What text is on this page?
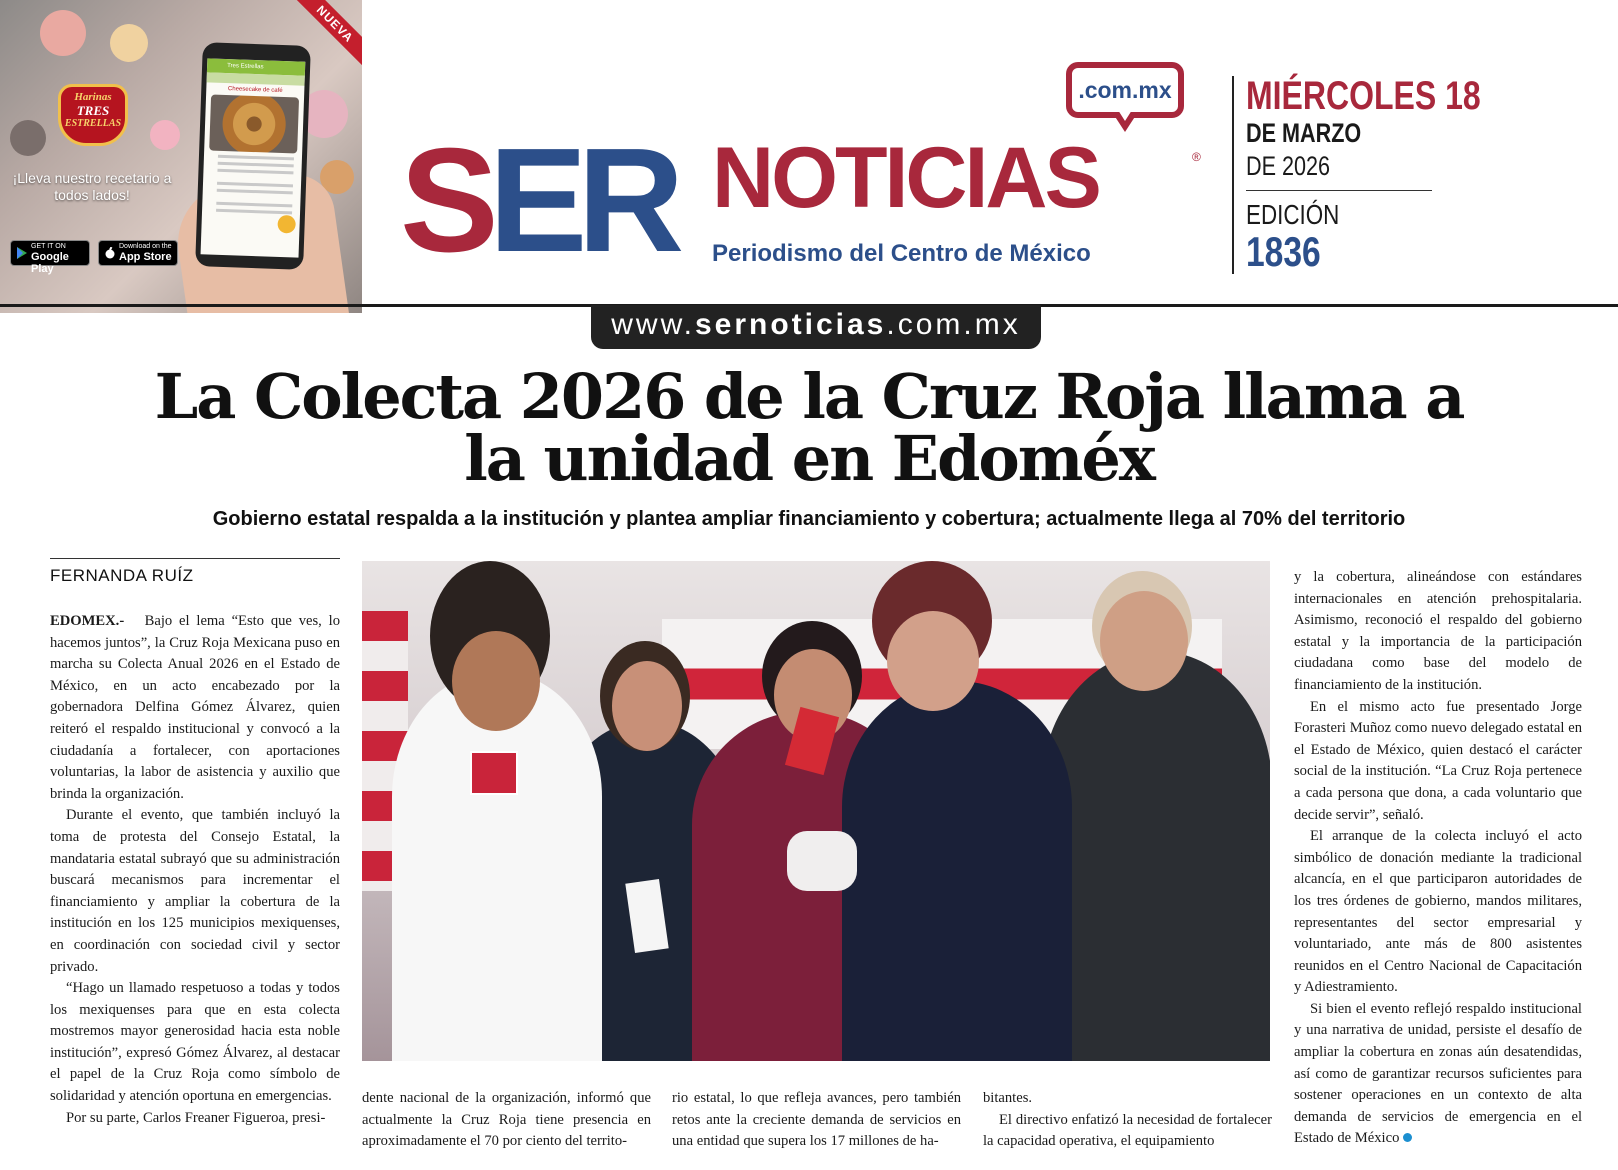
NUEVA
Harinas
TRES
ESTRELLAS
¡Lleva nuestro recetario a todos lados!
GET IT ON
Google Play
Download on the
App Store
Tres Estrellas
Cheesecake de café	.com.mx
SER NOTICIAS	®
Periodismo del Centro de México
MIÉRCOLES 18
DE MARZO
DE 2026
EDICIÓN
1836
www.sernoticias.com.mx
La Colecta 2026 de la Cruz Roja llama a la unidad en Edoméx
Gobierno estatal respalda a la institución y plantea ampliar financiamiento y cobertura; actualmente llega al 70% del territorio
FERNANDA RUÍZ

EDOMEX.- Bajo el lema “Esto que ves, lo hacemos juntos”, la Cruz Roja Mexicana puso en marcha su Colecta Anual 2026 en el Estado de México, en un acto encabezado por la gobernadora Delfina Gómez Álvarez, quien reiteró el respaldo institucional y convocó a la ciudadanía a fortalecer, con aportaciones voluntarias, la labor de asistencia y auxilio que brinda la organización.

Durante el evento, que también incluyó la toma de protesta del Consejo Estatal, la mandataria estatal subrayó que su administración buscará mecanismos para incrementar el financiamiento y ampliar la cobertura de la institución en los 125 municipios mexiquenses, en coordinación con sociedad civil y sector privado.

“Hago un llamado respetuoso a todas y todos los mexiquenses para que en esta colecta mostremos mayor generosidad hacia esta noble institución”, expresó Gómez Álvarez, al destacar el papel de la Cruz Roja como símbolo de solidaridad y atención oportuna en emergencias.

Por su parte, Carlos Freaner Figueroa, presi-

dente nacional de la organización, informó que actualmente la Cruz Roja tiene presencia en aproximadamente el 70 por ciento del territo-

rio estatal, lo que refleja avances, pero también retos ante la creciente demanda de servicios en una entidad que supera los 17 millones de ha-

bitantes.

El directivo enfatizó la necesidad de fortalecer la capacidad operativa, el equipamiento

y la cobertura, alineándose con estándares internacionales en atención prehospitalaria. Asimismo, reconoció el respaldo del gobierno estatal y la importancia de la participación ciudadana como base del modelo de financiamiento de la institución.

En el mismo acto fue presentado Jorge Forasteri Muñoz como nuevo delegado estatal en el Estado de México, quien destacó el carácter social de la institución. “La Cruz Roja pertenece a cada persona que dona, a cada voluntario que decide servir”, señaló.

El arranque de la colecta incluyó el acto simbólico de donación mediante la tradicional alcancía, en el que participaron autoridades de los tres órdenes de gobierno, mandos militares, representantes del sector empresarial y voluntariado, ante más de 800 asistentes reunidos en el Centro Nacional de Capacitación y Adiestramiento.

Si bien el evento reflejó respaldo institucional y una narrativa de unidad, persiste el desafío de ampliar la cobertura en zonas aún desatendidas, así como de garantizar recursos suficientes para sostener operaciones en un contexto de alta demanda de servicios de emergencia en el Estado de México
